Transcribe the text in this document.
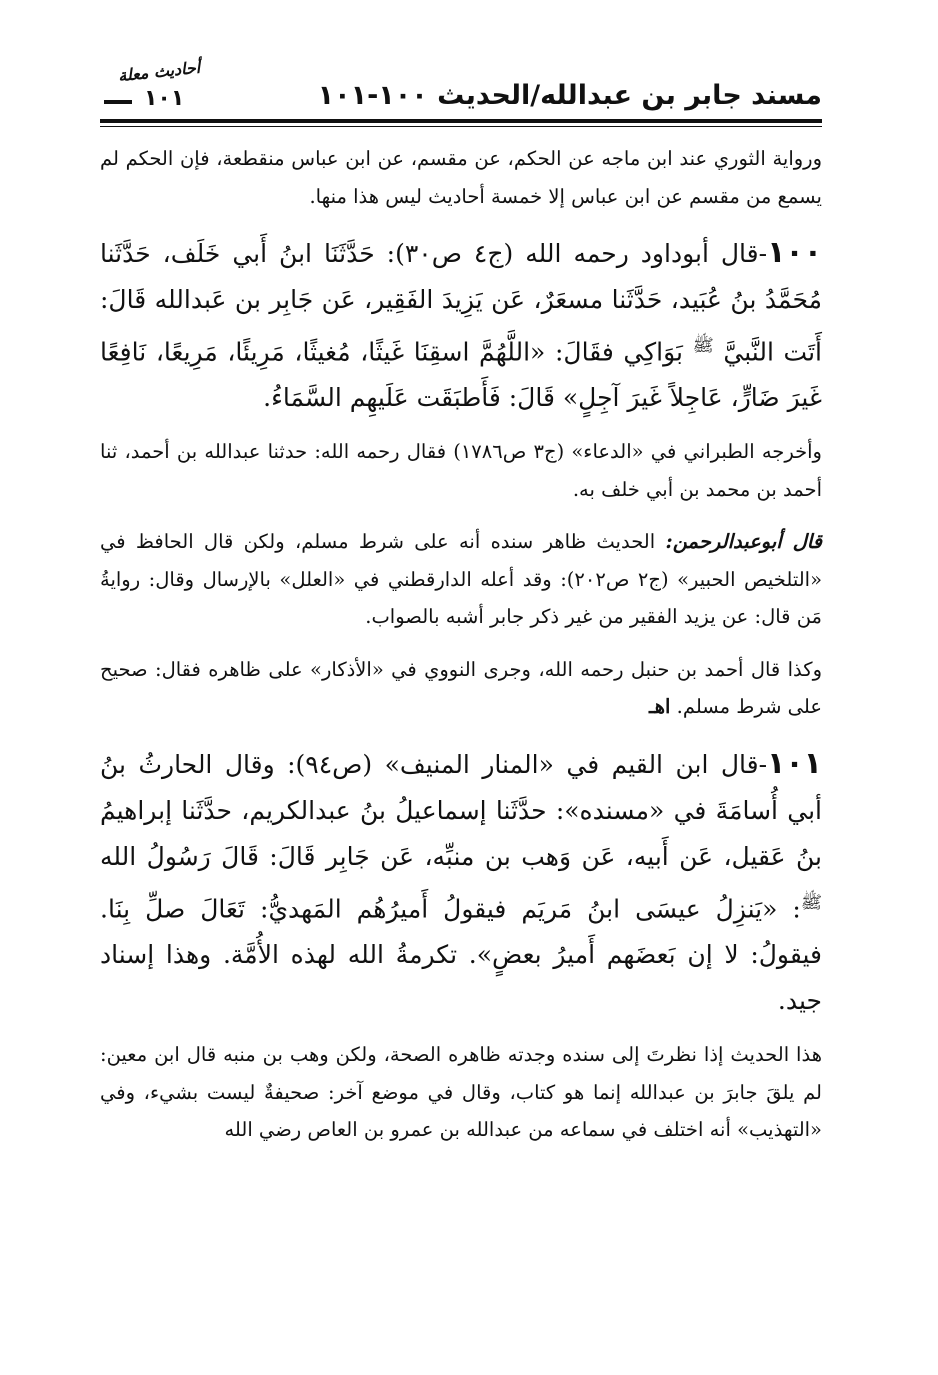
مسند جابر بن عبدالله/الحديث ١٠٠-١٠١
أحاديث معلة
١٠١

ورواية الثوري عند ابن ماجه عن الحكم، عن مقسم، عن ابن عباس منقطعة، فإن الحكم لم يسمع من مقسم عن ابن عباس إلا خمسة أحاديث ليس هذا منها.

١٠٠-قال أبوداود رحمه الله (ج٤ ص٣٠): حَدَّثَنَا ابنُ أَبي خَلَف، حَدَّثَنا مُحَمَّدُ بنُ عُبَيد، حَدَّثَنا مسعَرٌ، عَن يَزِيدَ الفَقِير، عَن جَابِر بن عَبدالله قَالَ: أَتَت النَّبيَّ $^ﷺ$ بَوَاكِي فقَالَ: «اللَّهُمَّ اسقِنَا غَيثًا، مُغيثًا، مَرِيئًا، مَرِيعًا، نَافِعًا غَيرَ ضَارٍّ، عَاجِلاً غَيرَ آجِلٍ» قَالَ: فَأَطبَقَت عَلَيهِم السَّمَاءُ.

وأخرجه الطبراني في «الدعاء» (ج٣ ص١٧٨٦) فقال رحمه الله: حدثنا عبدالله بن أحمد، ثنا أحمد بن محمد بن أبي خلف به.

قال أبوعبدالرحمن: الحديث ظاهر سنده أنه على شرط مسلم، ولكن قال الحافظ في «التلخيص الحبير» (ج٢ ص٢٠٢): وقد أعله الدارقطني في «العلل» بالإرسال وقال: روايةُ مَن قال: عن يزيد الفقير من غير ذكر جابر أشبه بالصواب.

وكذا قال أحمد بن حنبل رحمه الله، وجرى النووي في «الأذكار» على ظاهره فقال: صحيح على شرط مسلم. اهـ

١٠١-قال ابن القيم في «المنار المنيف» (ص٩٤): وقال الحارثُ بنُ أبي أُسامَةَ في «مسنده»: حدَّثَنا إسماعيلُ بنُ عبدالكريم، حدَّثَنا إبراهيمُ بنُ عَقيل، عَن أَبيه، عَن وَهب بن منبِّه، عَن جَابِر قَالَ: قَالَ رَسُولُ الله $^ﷺ$: «يَنزِلُ عيسَى ابنُ مَريَم فيقولُ أَميرُهُم المَهديُّ: تَعَالَ صلِّ بِنَا. فيقولُ: لا إن بَعضَهم أَميرُ بعضٍ». تكرمةُ الله لهذه الأُمَّة. وهذا إسناد جيد.

هذا الحديث إذا نظرتَ إلى سنده وجدته ظاهره الصحة، ولكن وهب بن منبه قال ابن معين: لم يلقَ جابرَ بن عبدالله إنما هو كتاب، وقال في موضع آخر: صحيفةٌ ليست بشيء، وفي «التهذيب» أنه اختلف في سماعه من عبدالله بن عمرو بن العاص رضي الله
